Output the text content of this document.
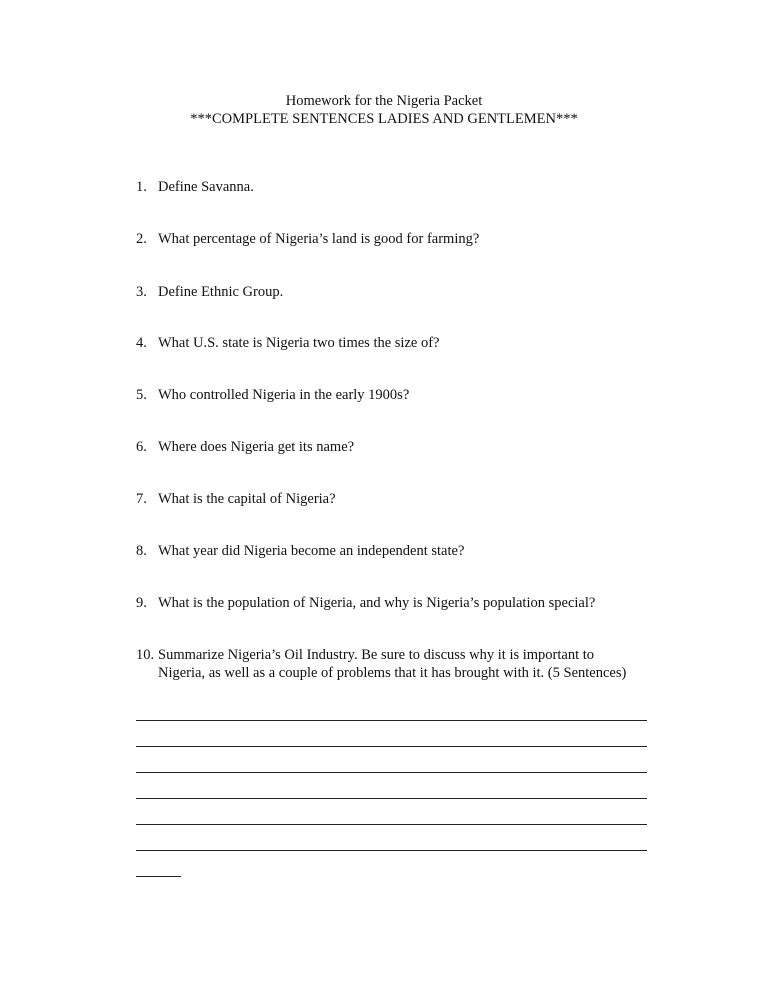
Homework for the Nigeria Packet
***COMPLETE SENTENCES LADIES AND GENTLEMEN***
1. Define Savanna.
2. What percentage of Nigeria’s land is good for farming?
3. Define Ethnic Group.
4. What U.S. state is Nigeria two times the size of?
5. Who controlled Nigeria in the early 1900s?
6. Where does Nigeria get its name?
7. What is the capital of Nigeria?
8. What year did Nigeria become an independent state?
9. What is the population of Nigeria, and why is Nigeria’s population special?
10. Summarize Nigeria’s Oil Industry. Be sure to discuss why it is important to
Nigeria, as well as a couple of problems that it has brought with it. (5 Sentences)
